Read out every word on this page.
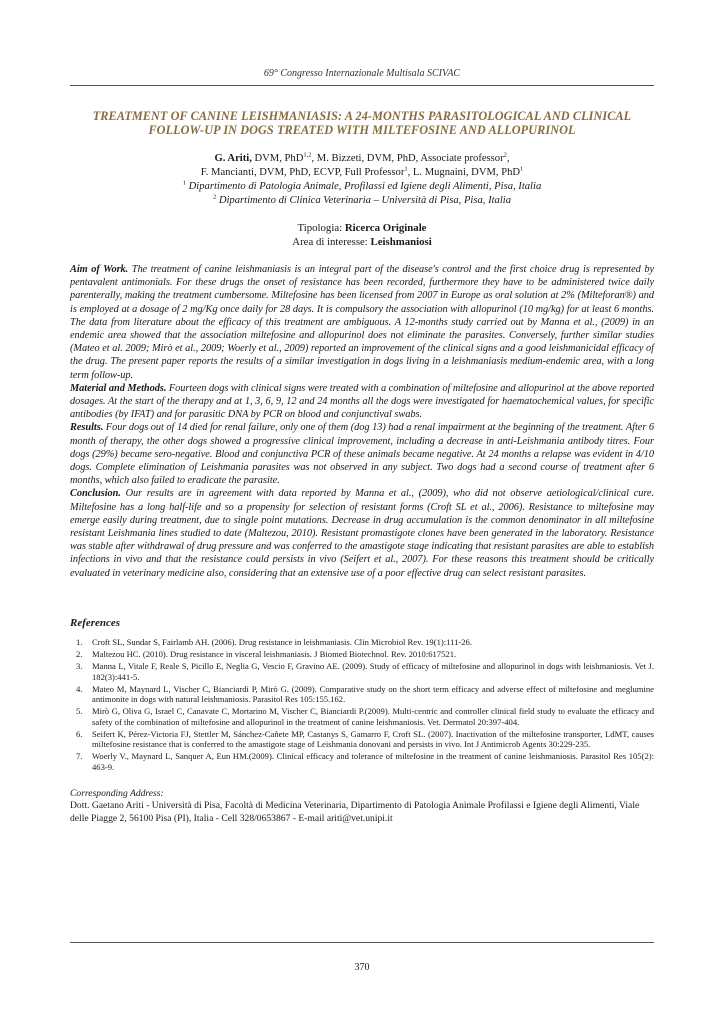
69° Congresso Internazionale Multisala SCIVAC
TREATMENT OF CANINE LEISHMANIASIS: A 24-MONTHS PARASITOLOGICAL AND CLINICAL
FOLLOW-UP IN DOGS TREATED WITH MILTEFOSINE AND ALLOPURINOL
G. Ariti, DVM, PhD$^{1,2}$, M. Bizzeti, DVM, PhD, Associate professor$^2$,
F. Mancianti, DVM, PhD, ECVP, Full Professor$^1$, L. Mugnaini, DVM, PhD$^1$
$^1$ Dipartimento di Patologia Animale, Profilassi ed Igiene degli Alimenti, Pisa, Italia
$^2$ Dipartimento di Clinica Veterinaria – Università di Pisa, Pisa, Italia
Tipologia: Ricerca Originale
Area di interesse: Leishmaniosi

Aim of Work. The treatment of canine leishmaniasis is an integral part of the disease's control and the first choice drug is represented by pentavalent antimonials. For these drugs the onset of resistance has been recorded, furthermore they have to be administered twice daily parenterally, making the treatment cumbersome. Miltefosine has been licensed from 2007 in Europe as oral solution at 2% (Milteforan®) and is employed at a dosage of 2 mg/Kg once daily for 28 days. It is compulsory the association with allopurinol (10 mg/kg) for at least 6 months. The data from literature about the efficacy of this treatment are ambiguous. A 12-months study carried out by Manna et al., (2009) in an endemic area showed that the association miltefosine and allopurinol does not eliminate the parasites. Conversely, further similar studies (Mateo et al. 2009; Mirò et al., 2009; Woerly et al., 2009) reported an improvement of the clinical signs and a good leishmanicidal efficacy of the drug. The present paper reports the results of a similar investigation in dogs living in a leishmaniasis medium-endemic area, with a long term follow-up.

Material and Methods. Fourteen dogs with clinical signs were treated with a combination of miltefosine and allopurinol at the above reported dosages. At the start of the therapy and at 1, 3, 6, 9, 12 and 24 months all the dogs were investigated for haematochemical values, for specific antibodies (by IFAT) and for parasitic DNA by PCR on blood and conjunctival swabs.

Results. Four dogs out of 14 died for renal failure, only one of them (dog 13) had a renal impairment at the beginning of the treatment. After 6 month of therapy, the other dogs showed a progressive clinical improvement, including a decrease in anti-Leishmania antibody titres. Four dogs (29%) became sero-negative. Blood and conjunctiva PCR of these animals became negative. At 24 months a relapse was evident in 4/10 dogs. Complete elimination of Leishmania parasites was not observed in any subject. Two dogs had a second course of treatment after 6 months, which also failed to eradicate the parasite.

Conclusion. Our results are in agreement with data reported by Manna et al., (2009), who did not observe aetiological/clinical cure. Miltefosine has a long half-life and so a propensity for selection of resistant forms (Croft SL et al., 2006). Resistance to miltefosine may emerge easily during treatment, due to single point mutations. Decrease in drug accumulation is the common denominator in all miltefosine resistant Leishmania lines studied to date (Maltezou, 2010). Resistant promastigote clones have been generated in the laboratory. Resistance was stable after withdrawal of drug pressure and was conferred to the amastigote stage indicating that resistant parasites are able to establish infections in vivo and that the resistance could persists in vivo (Seifert et al., 2007). For these reasons this treatment should be critically evaluated in veterinary medicine also, considering that an extensive use of a poor effective drug can select resistant parasites.

References
1. Croft SL, Sundar S, Fairlamb AH. (2006). Drug resistance in leishmaniasis. Clin Microbiol Rev. 19(1):111-26.
2. Maltezou HC. (2010). Drug resistance in visceral leishmaniasis. J Biomed Biotechnol. Rev. 2010:617521.
3. Manna L, Vitale F, Reale S, Picillo E, Neglia G, Vescio F, Gravino AE. (2009). Study of efficacy of miltefosine and allopurinol in dogs with leishmaniosis. Vet J. 182(3):441-5.
4. Mateo M, Maynard L, Vischer C, Bianciardi P, Mirò G. (2009). Comparative study on the short term efficacy and adverse effect of miltefosine and meglumine antimonite in dogs with natural leishmaniosis. Parasitol Res 105:155.162.
5. Mirò G, Oliva G, Israel C, Canavate C, Mortarino M, Vischer C, Bianciardi P.(2009). Multi-centric and controller clinical field study to evaluate the efficacy and safety of the combination of miltefosine and allopurinol in the treatment of canine leishmaniosis. Vet. Dermatol 20:397-404.
6. Seifert K, Pérez-Victoria FJ, Stettler M, Sánchez-Cañete MP, Castanys S, Gamarro F, Croft SL. (2007). Inactivation of the miltefosine transporter, LdMT, causes miltefosine resistance that is conferred to the amastigote stage of Leishmania donovani and persists in vivo. Int J Antimicrob Agents 30:229-235.
7. Woerly V., Maynard L, Sanquer A, Eun HM.(2009). Clinical efficacy and tolerance of miltefosine in the treatment of canine leishmaniosis. Parasitol Res 105(2): 463-9.
Corresponding Address:
Dott. Gaetano Ariti - Università di Pisa, Facoltà di Medicina Veterinaria, Dipartimento di Patologia Animale Profilassi e Igiene degli Alimenti, Viale delle Piagge 2, 56100 Pisa (PI), Italia - Cell 328/0653867 - E-mail ariti@vet.unipi.it
370
